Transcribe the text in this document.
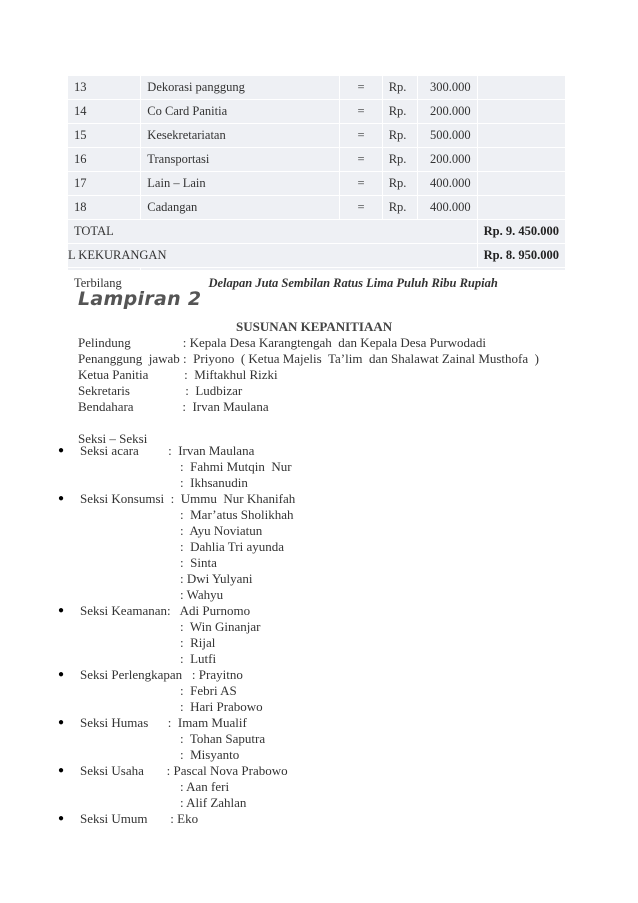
13	Dekorasi panggung	=	Rp.	300.000	
14	Co Card Panitia	=	Rp.	200.000	
15	Kesekretariatan	=	Rp.	500.000	
16	Transportasi	=	Rp.	200.000	
17	Lain – Lain	=	Rp.	400.000	
18	Cadangan	=	Rp.	400.000	
TOTAL					Rp. 9. 450.000
L KEKURANGAN					Rp. 8. 950.000
Terbilang	Delapan Juta Sembilan Ratus Lima Puluh Ribu Rupiah				
Lampiran 2
SUSUNAN KEPANITIAAN
Pelindung                : Kepala Desa Karangtengah  dan Kepala Desa Purwodadi
Penanggung  jawab :  Priyono  ( Ketua Majelis  Ta’lim  dan Shalawat Zainal Musthofa  )
Ketua Panitia           :  Miftakhul Rizki
Sekretaris                 :  Ludbizar
Bendahara               :  Irvan Maulana
Seksi – Seksi
● Seksi acara         :  Irvan Maulana
:  Fahmi Mutqin  Nur
:  Ikhsanudin
● Seksi Konsumsi  :  Ummu  Nur Khanifah
:  Mar’atus Sholikhah
:  Ayu Noviatun
:  Dahlia Tri ayunda
:  Sinta
: Dwi Yulyani
: Wahyu
● Seksi Keamanan:   Adi Purnomo
:  Win Ginanjar
:  Rijal
:  Lutfi
● Seksi Perlengkapan   : Prayitno
:  Febri AS
:  Hari Prabowo
● Seksi Humas      :  Imam Mualif
:  Tohan Saputra
:  Misyanto
● Seksi Usaha       : Pascal Nova Prabowo
: Aan feri
: Alif Zahlan
● Seksi Umum       : Eko
